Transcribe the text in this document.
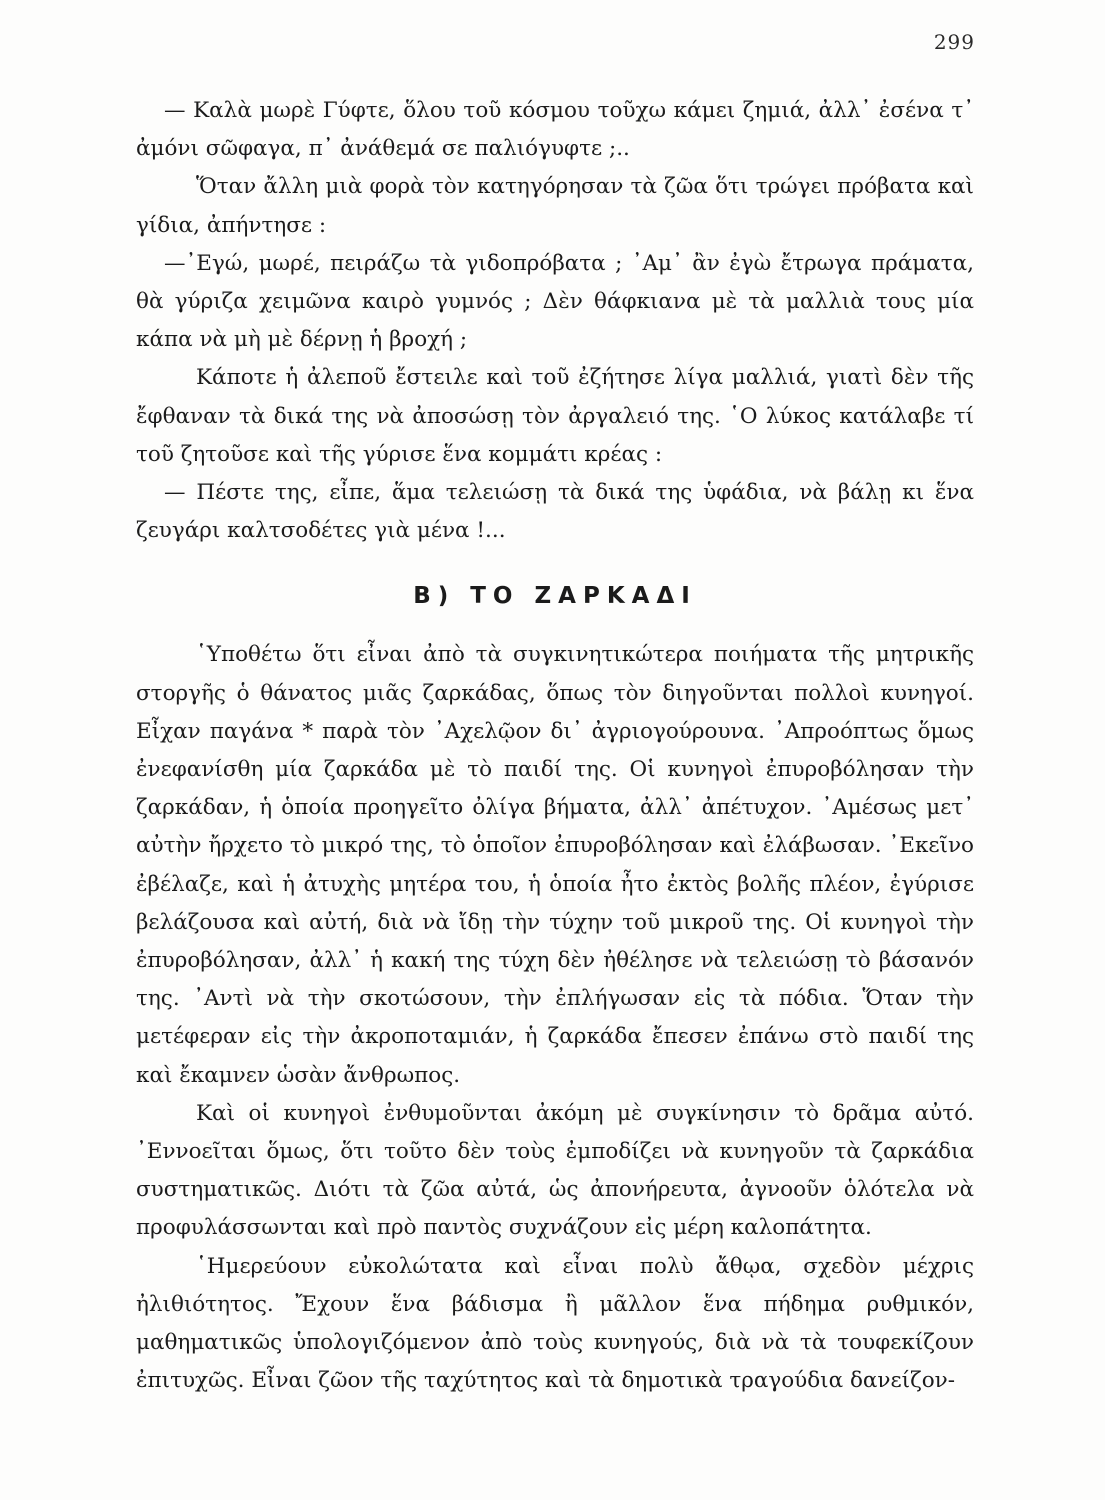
299

— Καλὰ μωρὲ Γύφτε, ὅλου τοῦ κόσμου τοῦχω κάμει ζημιά, ἀλλ᾽ ἐσένα τ᾽ ἀμόνι σῶφαγα, π᾽ ἀνάθεμά σε παλιόγυφτε ;..

Ὅταν ἄλλη μιὰ φορὰ τὸν κατηγόρησαν τὰ ζῶα ὅτι τρώγει πρόβατα καὶ γίδια, ἀπήντησε :

—᾽Εγώ, μωρέ, πειράζω τὰ γιδοπρόβατα ; ᾽Αμ᾽ ἂν ἐγὼ ἔτρωγα πράματα, θὰ γύριζα χειμῶνα καιρὸ γυμνός ; Δὲν θάφκιανα μὲ τὰ μαλλιὰ τους μία κάπα νὰ μὴ μὲ δέρνῃ ἡ βροχή ;

Κάποτε ἡ ἀλεποῦ ἔστειλε καὶ τοῦ ἐζήτησε λίγα μαλλιά, γιατὶ δὲν τῆς ἔφθαναν τὰ δικά της νὰ ἀποσώσῃ τὸν ἀργαλειό της. ῾Ο λύκος κατάλαβε τί τοῦ ζητοῦσε καὶ τῆς γύρισε ἕνα κομμάτι κρέας :

— Πέστε της, εἶπε, ἅμα τελειώσῃ τὰ δικά της ὑφάδια, νὰ βάλῃ κι ἕνα ζευγάρι καλτσοδέτες γιὰ μένα !...

Β) ΤΟ ΖΑΡΚΑΔΙ

῾Υποθέτω ὅτι εἶναι ἀπὸ τὰ συγκινητικώτερα ποιήματα τῆς μητρικῆς στοργῆς ὁ θάνατος μιᾶς ζαρκάδας, ὅπως τὸν διηγοῦνται πολλοὶ κυνηγοί. Εἶχαν παγάνα * παρὰ τὸν ᾽Αχελῷον δι᾽ ἀγριογούρουνα. ᾽Απροόπτως ὅμως ἐνεφανίσθη μία ζαρκάδα μὲ τὸ παιδί της. Οἱ κυνηγοὶ ἐπυροβόλησαν τὴν ζαρκάδαν, ἡ ὁποία προηγεῖτο ὀλίγα βήματα, ἀλλ᾽ ἀπέτυχον. ᾽Αμέσως μετ᾽ αὐτὴν ἤρχετο τὸ μικρό της, τὸ ὁποῖον ἐπυροβόλησαν καὶ ἐλάβωσαν. ᾽Εκεῖνο ἐβέλαζε, καὶ ἡ ἀτυχὴς μητέρα του, ἡ ὁποία ἦτο ἐκτὸς βολῆς πλέον, ἐγύρισε βελάζουσα καὶ αὐτή, διὰ νὰ ἴδῃ τὴν τύχην τοῦ μικροῦ της. Οἱ κυνηγοὶ τὴν ἐπυροβόλησαν, ἀλλ᾽ ἡ κακή της τύχη δὲν ἠθέλησε νὰ τελειώσῃ τὸ βάσανόν της. ᾽Αντὶ νὰ τὴν σκοτώσουν, τὴν ἐπλήγωσαν εἰς τὰ πόδια. Ὅταν τὴν μετέφεραν εἰς τὴν ἀκροποταμιάν, ἡ ζαρκάδα ἔπεσεν ἐπάνω στὸ παιδί της καὶ ἔκαμνεν ὡσὰν ἄνθρωπος.

Καὶ οἱ κυνηγοὶ ἐνθυμοῦνται ἀκόμη μὲ συγκίνησιν τὸ δρᾶμα αὐτό. ᾽Εννοεῖται ὅμως, ὅτι τοῦτο δὲν τοὺς ἐμποδίζει νὰ κυνηγοῦν τὰ ζαρκάδια συστηματικῶς. Διότι τὰ ζῶα αὐτά, ὡς ἀπονήρευτα, ἀγνοοῦν ὁλότελα νὰ προφυλάσσωνται καὶ πρὸ παντὸς συχνάζουν εἰς μέρη καλοπάτητα.

῾Ημερεύουν εὐκολώτατα καὶ εἶναι πολὺ ἄθῳα, σχεδὸν μέχρις ἠλιθιότητος. Ἔχουν ἕνα βάδισμα ἢ μᾶλλον ἕνα πήδημα ρυθμικόν, μαθηματικῶς ὑπολογιζόμενον ἀπὸ τοὺς κυνηγούς, διὰ νὰ τὰ τουφεκίζουν ἐπιτυχῶς. Εἶναι ζῶον τῆς ταχύτητος καὶ τὰ δημοτικὰ τραγούδια δανείζον-
